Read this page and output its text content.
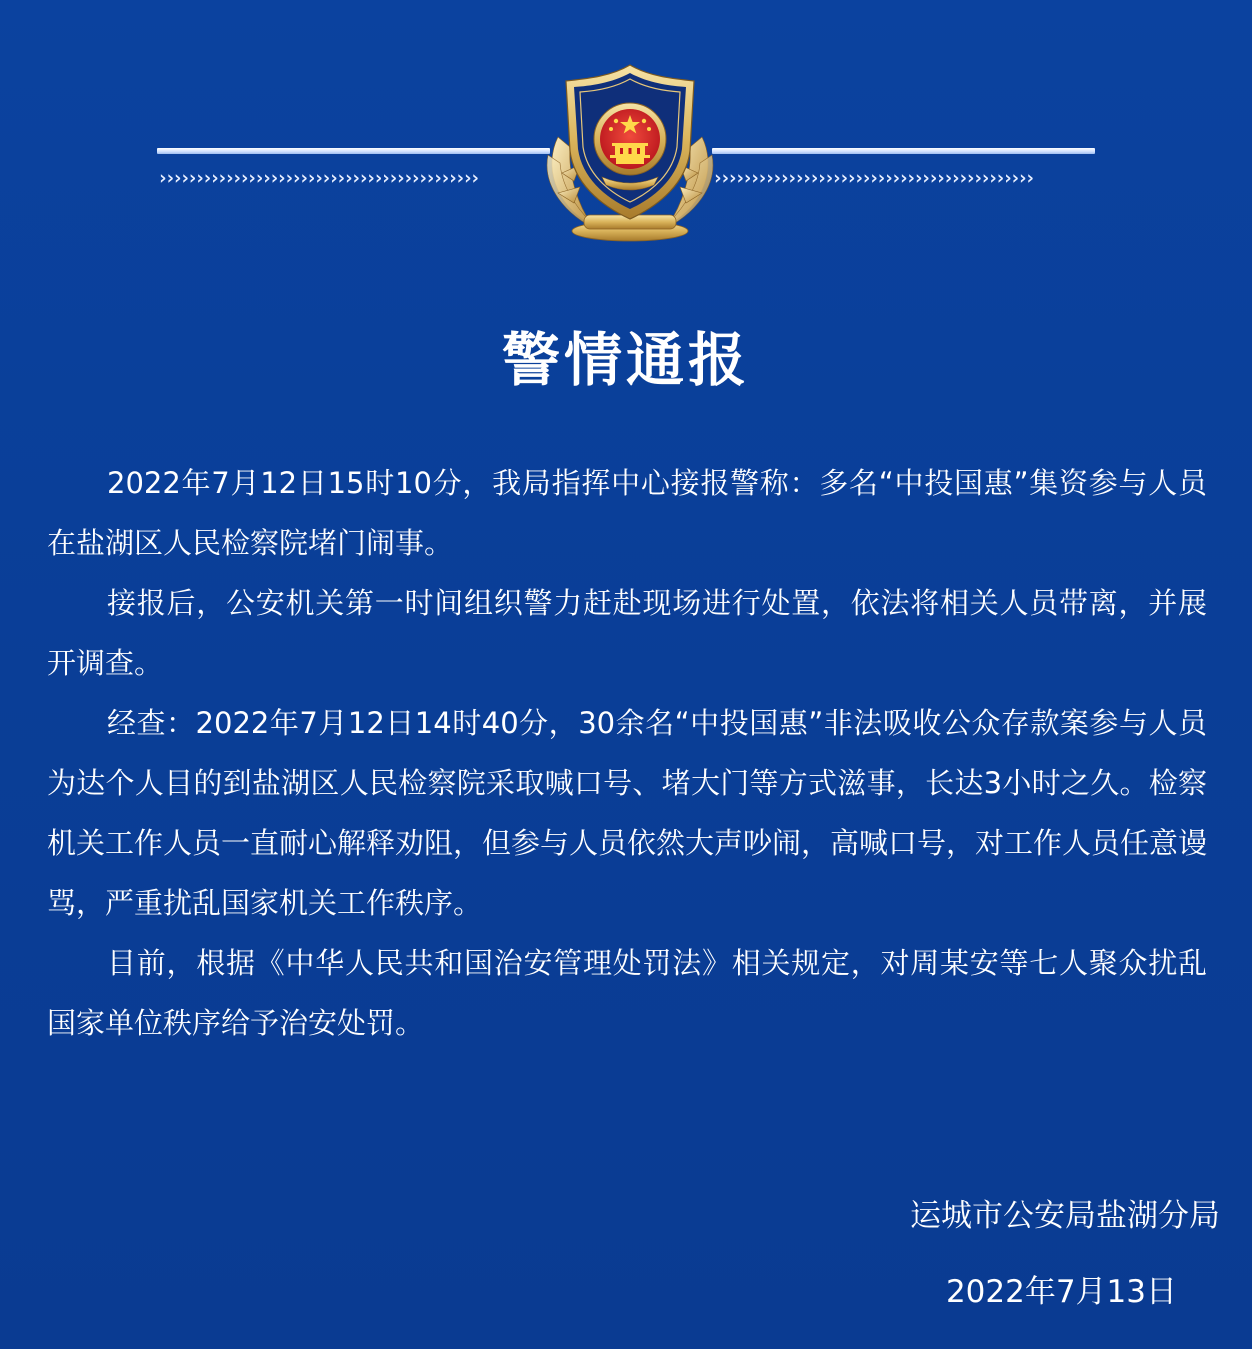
›››››››››››››››››››››››››››››››››››››››››››	›››››››››››››››››››››››››››››››››››››››››››
警情通报

2022年7月12日15时10分，我局指挥中心接报警称：多名“中投国惠”集资参与人员在盐湖区人民检察院堵门闹事。

接报后，公安机关第一时间组织警力赶赴现场进行处置，依法将相关人员带离，并展开调查。

经查：2022年7月12日14时40分，30余名“中投国惠”非法吸收公众存款案参与人员为达个人目的到盐湖区人民检察院采取喊口号、堵大门等方式滋事，长达3小时之久。检察机关工作人员一直耐心解释劝阻，但参与人员依然大声吵闹，高喊口号，对工作人员任意谩骂，严重扰乱国家机关工作秩序。

目前，根据《中华人民共和国治安管理处罚法》相关规定，对周某安等七人聚众扰乱国家单位秩序给予治安处罚。

运城市公安局盐湖分局
2022年7月13日
